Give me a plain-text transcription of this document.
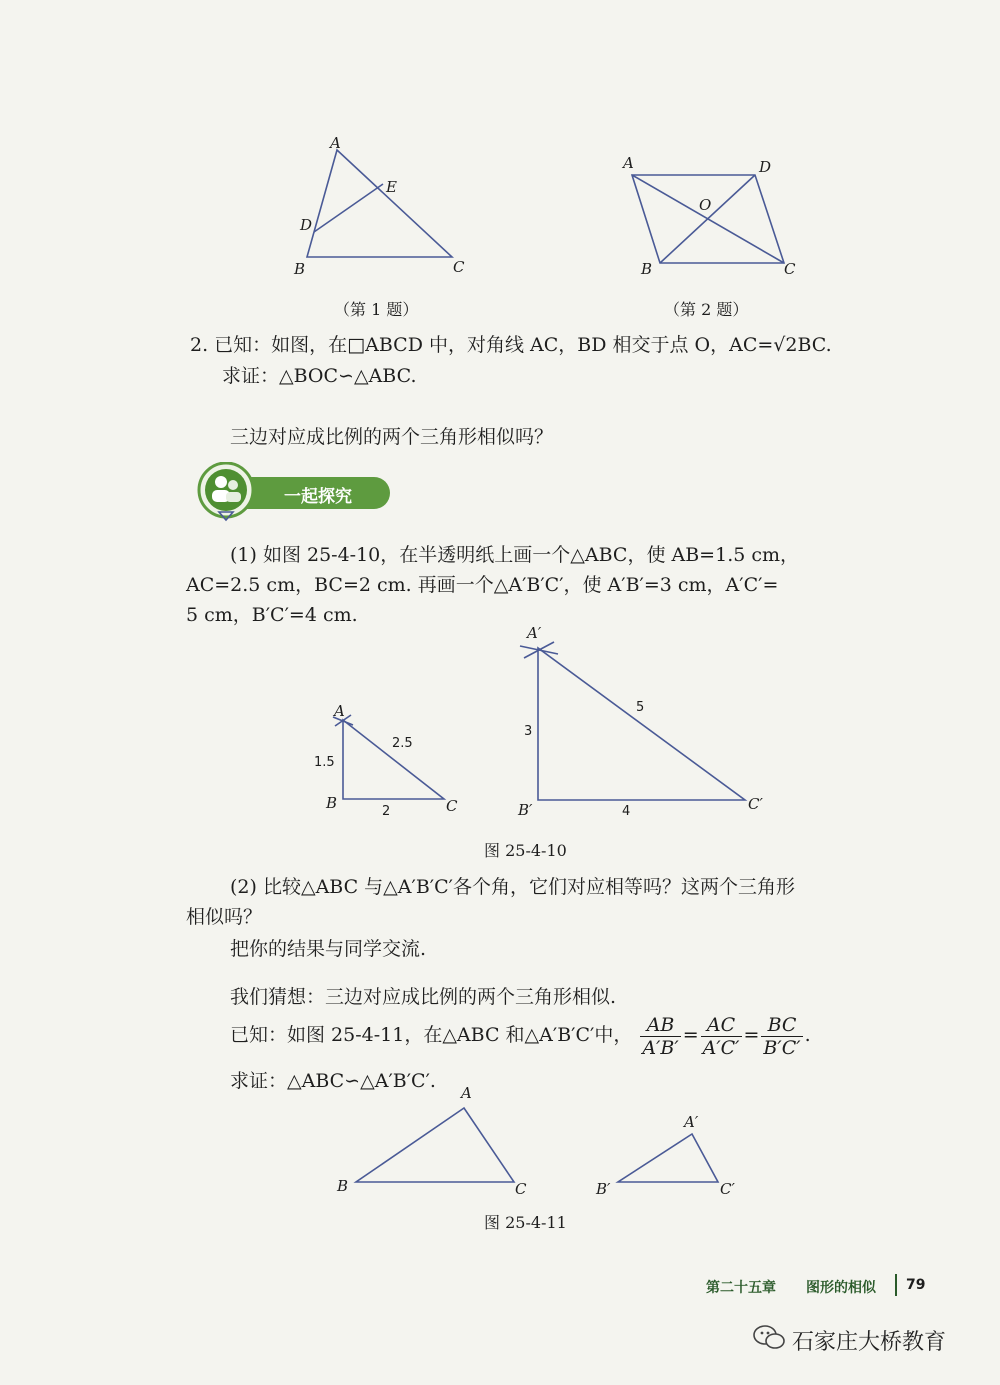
A
E
D
B	C
（第 1 题）
A	D
O
B	C
（第 2 题）
2. 已知：如图，在□ABCD 中，对角线 AC，BD 相交于点 O，AC=√2BC.
求证：△BOC∽△ABC.
三边对应成比例的两个三角形相似吗？
一起探究
(1) 如图 25-4-10，在半透明纸上画一个△ABC，使 AB=1.5 cm，
AC=2.5 cm，BC=2 cm. 再画一个△A′B′C′，使 A′B′=3 cm，A′C′=
5 cm，B′C′=4 cm.
A
B	C
1.5
2.5
2
A′
B′	C′
3
5
4
图 25-4-10
(2) 比较△ABC 与△A′B′C′各个角，它们对应相等吗？这两个三角形
相似吗？
把你的结果与同学交流.
我们猜想：三边对应成比例的两个三角形相似.
已知：如图 25-4-11，在△ABC 和△A′B′C′中， $\frac{AB}{A'B'} = \frac{AC}{A'C'} = \frac{BC}{B'C'}$ .
求证：△ABC∽△A′B′C′.
A
B	C
A′
B′	C′
图 25-4-11
第二十五章 图形的相似 79
石家庄大桥教育
